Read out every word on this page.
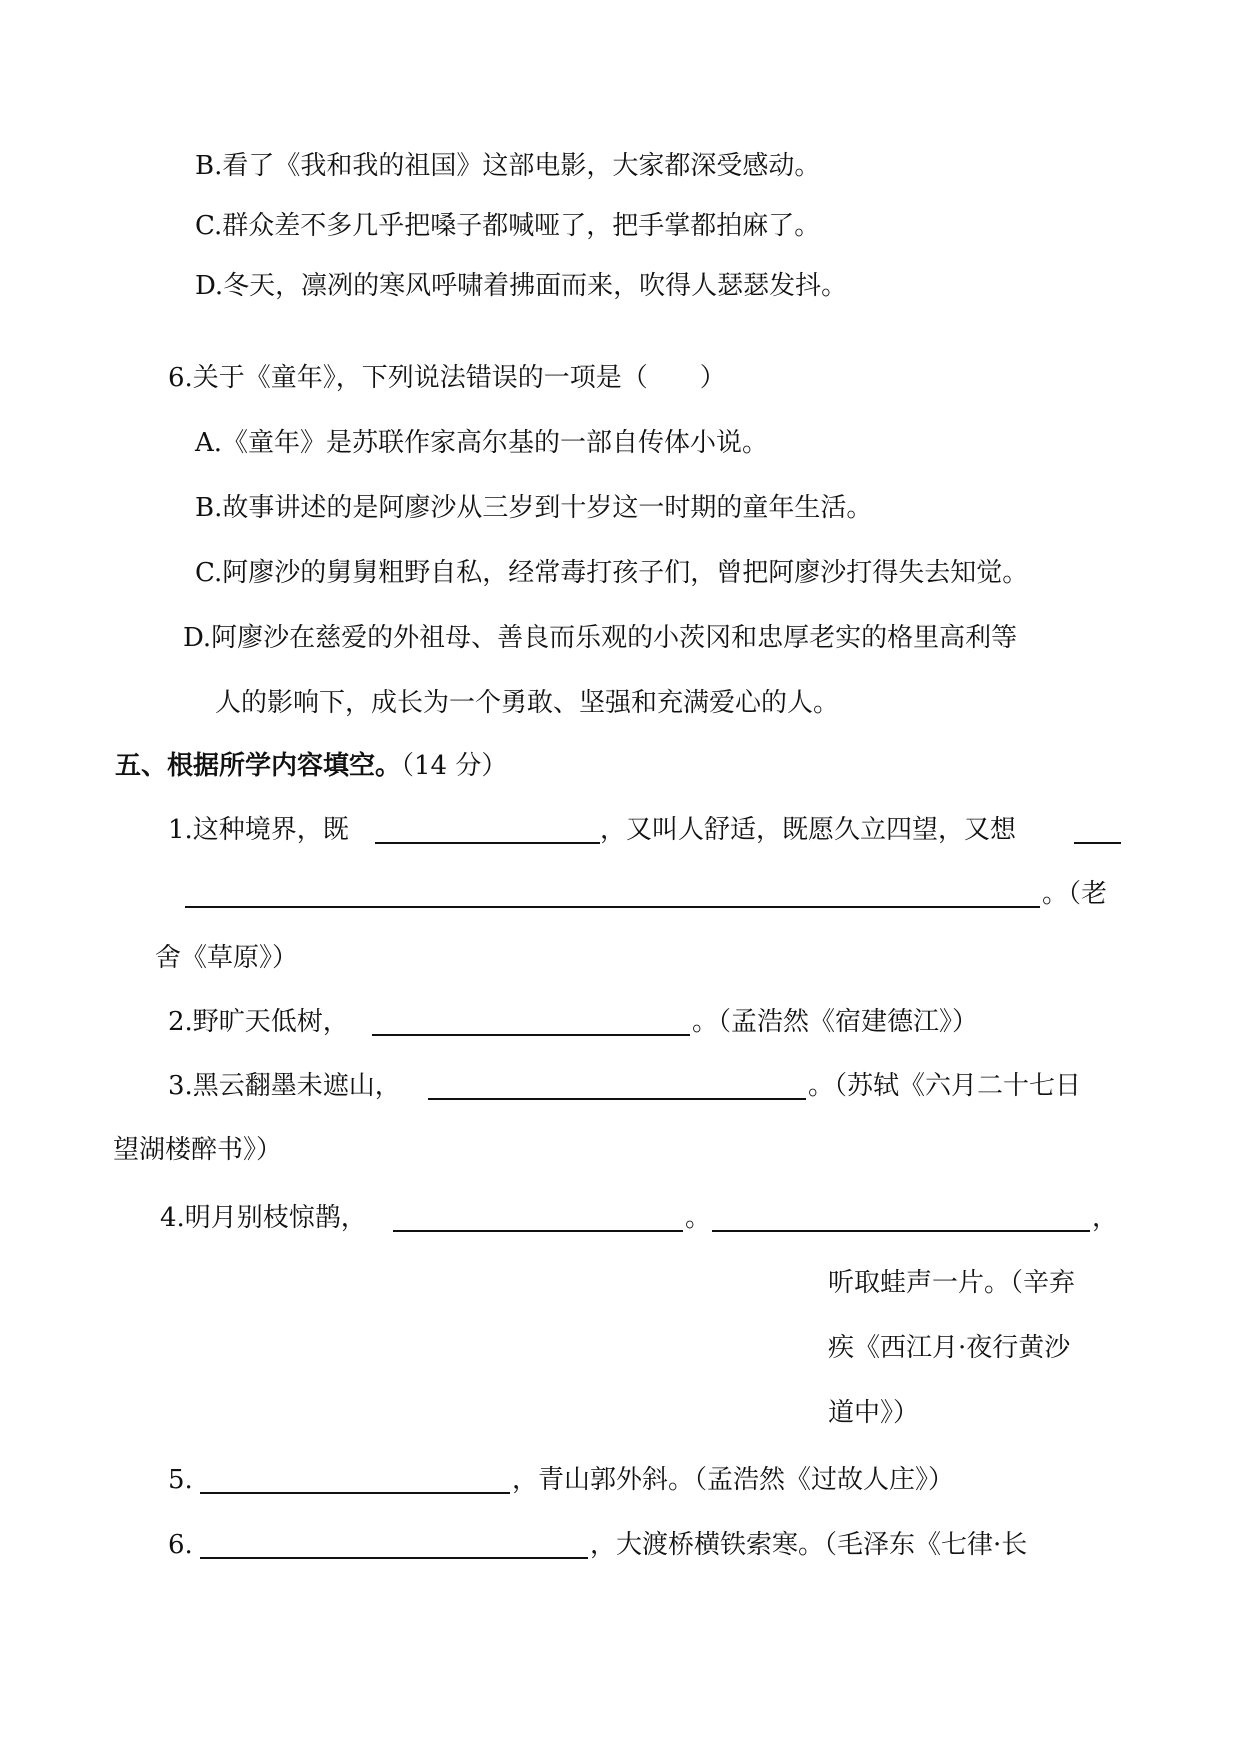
B.看了《我和我的祖国》这部电影，大家都深受感动。
C.群众差不多几乎把嗓子都喊哑了，把手掌都拍麻了。
D.冬天，凛冽的寒风呼啸着拂面而来，吹得人瑟瑟发抖。
6.关于《童年》，下列说法错误的一项是（　　）
A.《童年》是苏联作家高尔基的一部自传体小说。
B.故事讲述的是阿廖沙从三岁到十岁这一时期的童年生活。
C.阿廖沙的舅舅粗野自私，经常毒打孩子们，曾把阿廖沙打得失去知觉。
D.阿廖沙在慈爱的外祖母、善良而乐观的小茨冈和忠厚老实的格里高利等
人的影响下，成长为一个勇敢、坚强和充满爱心的人。
五、根据所学内容填空。（14 分）
1.这种境界，既	，又叫人舒适，既愿久立四望，又想
。（老
舍《草原》）
2.野旷天低树，	。（孟浩然《宿建德江》）
3.黑云翻墨未遮山，	。（苏轼《六月二十七日
望湖楼醉书》）
4.明月别枝惊鹊，	。	，
听取蛙声一片。（辛弃
疾《西江月·夜行黄沙
道中》）
5.	，青山郭外斜。（孟浩然《过故人庄》）
6.	，大渡桥横铁索寒。（毛泽东《七律·长
